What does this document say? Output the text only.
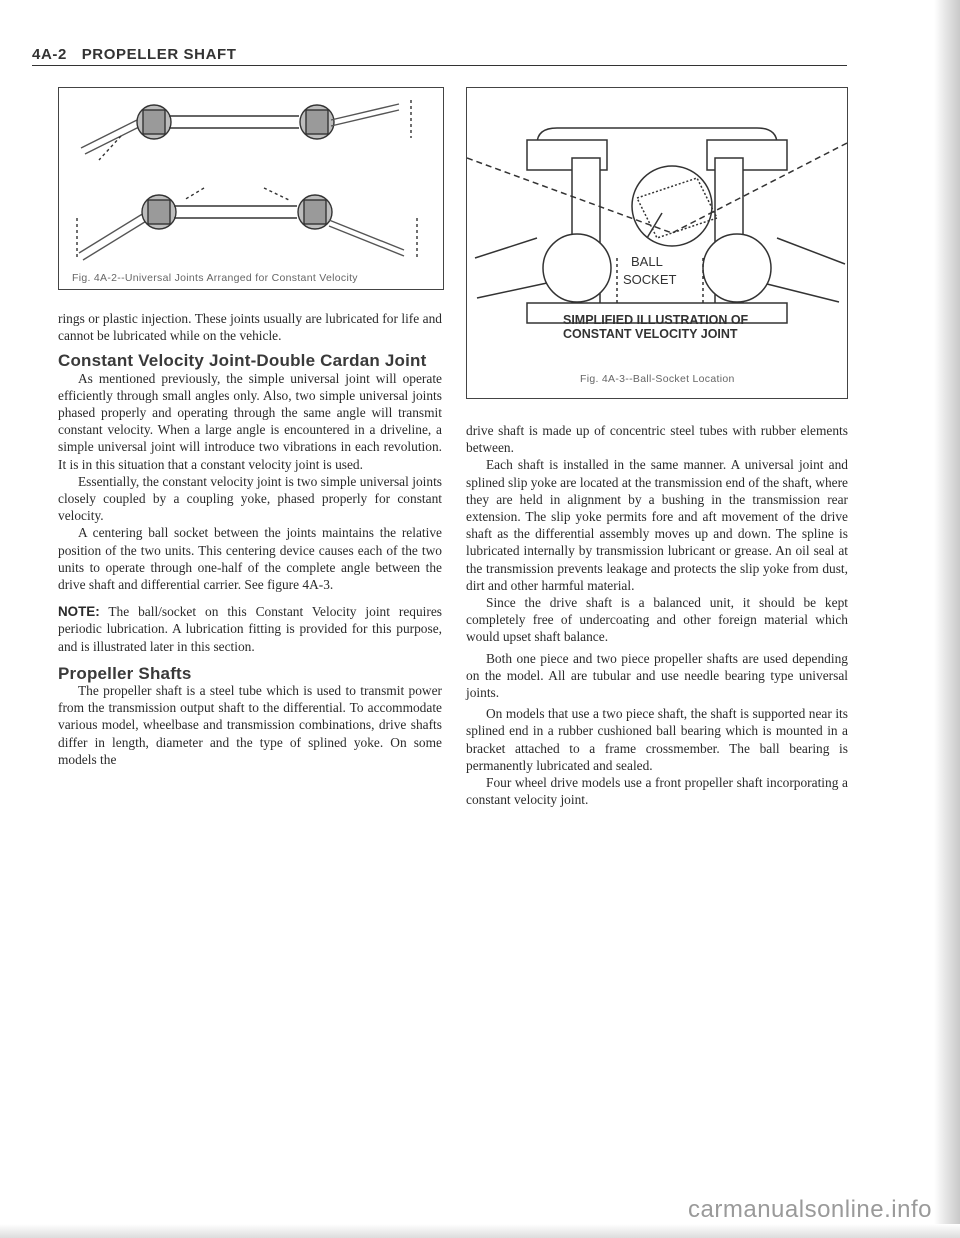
4A-2 PROPELLER SHAFT
Fig. 4A-2--Universal Joints Arranged for Constant Velocity
BALL
SOCKET
SIMPLIFIED ILLUSTRATION OF
CONSTANT VELOCITY JOINT
Fig. 4A-3--Ball-Socket Location

rings or plastic injection. These joints usually are lubricated for life and cannot be lubricated while on the vehicle.

Constant Velocity Joint-Double Cardan Joint

As mentioned previously, the simple universal joint will operate efficiently through small angles only. Also, two simple universal joints phased properly and operating through the same angle will transmit constant velocity. When a large angle is encountered in a driveline, a simple universal joint will introduce two vibrations in each revolution. It is in this situation that a constant velocity joint is used.

Essentially, the constant velocity joint is two simple universal joints closely coupled by a coupling yoke, phased properly for constant velocity.

A centering ball socket between the joints maintains the relative position of the two units. This centering device causes each of the two units to operate through one-half of the complete angle between the drive shaft and differential carrier. See figure 4A-3.

NOTE: The ball/socket on this Constant Velocity joint requires periodic lubrication. A lubrication fitting is provided for this purpose, and is illustrated later in this section.

Propeller Shafts

The propeller shaft is a steel tube which is used to transmit power from the transmission output shaft to the differential. To accommodate various model, wheelbase and transmission combinations, drive shafts differ in length, diameter and the type of splined yoke. On some models the

drive shaft is made up of concentric steel tubes with rubber elements between.

Each shaft is installed in the same manner. A universal joint and splined slip yoke are located at the transmission end of the shaft, where they are held in alignment by a bushing in the transmission rear extension. The slip yoke permits fore and aft movement of the drive shaft as the differential assembly moves up and down. The spline is lubricated internally by transmission lubricant or grease. An oil seal at the transmission prevents leakage and protects the slip yoke from dust, dirt and other harmful material.

Since the drive shaft is a balanced unit, it should be kept completely free of undercoating and other foreign material which would upset shaft balance.

Both one piece and two piece propeller shafts are used depending on the model. All are tubular and use needle bearing type universal joints.

On models that use a two piece shaft, the shaft is supported near its splined end in a rubber cushioned ball bearing which is mounted in a bracket attached to a frame crossmember. The ball bearing is permanently lubricated and sealed.

Four wheel drive models use a front propeller shaft incorporating a constant velocity joint.

carmanualsonline.info
